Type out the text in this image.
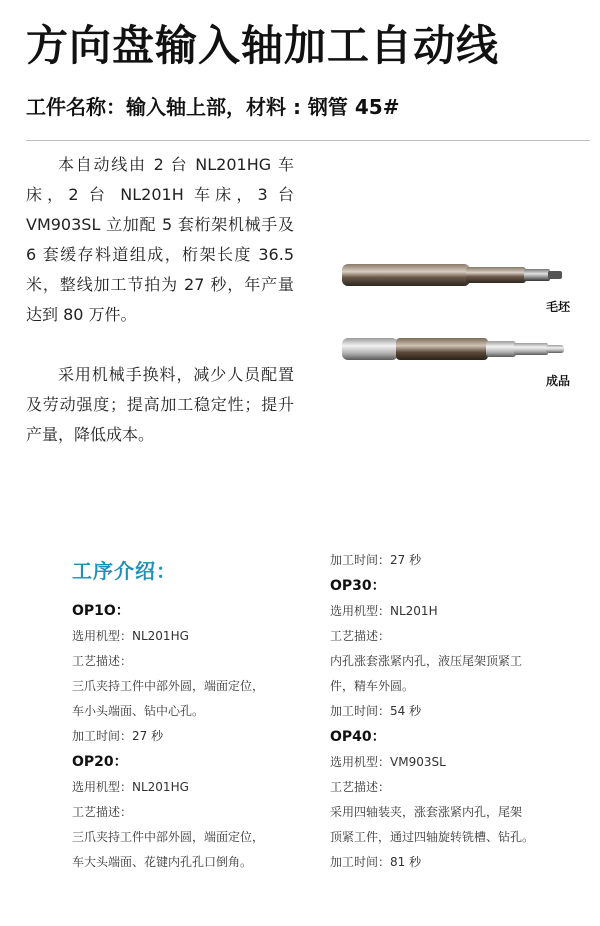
方向盘输入轴加工自动线
工件名称：输入轴上部，材料 : 钢管 45#

本自动线由 2 台 NL201HG 车床，2 台 NL201H 车床，3 台 VM903SL 立加配 5 套桁架机械手及 6 套缓存料道组成，桁架长度 36.5 米，整线加工节拍为 27 秒，年产量达到 80 万件。

采用机械手换料，减少人员配置及劳动强度；提高加工稳定性；提升产量，降低成本。

毛坯
成品
工序介绍：
OP1O：
选用机型：NL201HG
工艺描述：
三爪夹持工件中部外圆，端面定位，
车小头端面、钻中心孔。
加工时间：27 秒
OP20：
选用机型：NL201HG
工艺描述：
三爪夹持工件中部外圆，端面定位，
车大头端面、花键内孔孔口倒角。
加工时间：27 秒
OP30：
选用机型：NL201H
工艺描述：
内孔涨套涨紧内孔，液压尾架顶紧工
件，精车外圆。
加工时间：54 秒
OP40：
选用机型：VM903SL
工艺描述：
采用四轴装夹，涨套涨紧内孔，尾架
顶紧工件，通过四轴旋转铣槽、钻孔。
加工时间：81 秒
